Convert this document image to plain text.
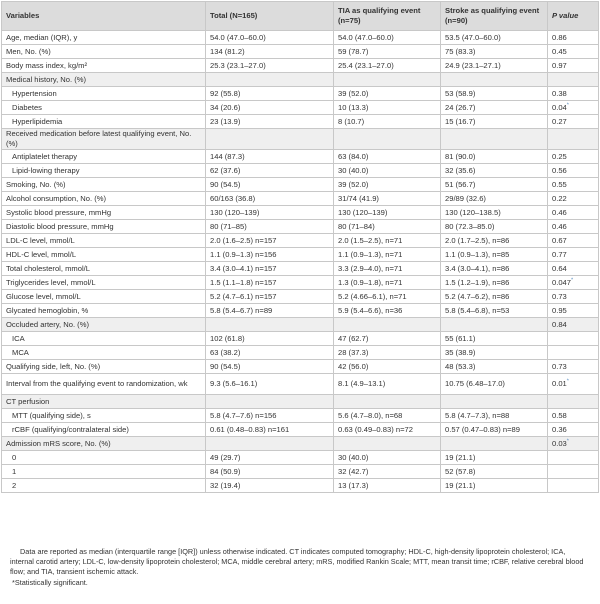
Variables	Total (N=165)	TIA as qualifying event (n=75)	Stroke as qualifying event (n=90)	P value
Age, median (IQR), y	54.0 (47.0–60.0)	54.0 (47.0–60.0)	53.5 (47.0–60.0)	0.86
Men, No. (%)	134 (81.2)	59 (78.7)	75 (83.3)	0.45
Body mass index, kg/m²	25.3 (23.1–27.0)	25.4 (23.1–27.0)	24.9 (23.1–27.1)	0.97
Medical history, No. (%)				
Hypertension	92 (55.8)	39 (52.0)	53 (58.9)	0.38
Diabetes	34 (20.6)	10 (13.3)	24 (26.7)	0.04*
Hyperlipidemia	23 (13.9)	8 (10.7)	15 (16.7)	0.27
Received medication before latest qualifying event, No. (%)				
Antiplatelet therapy	144 (87.3)	63 (84.0)	81 (90.0)	0.25
Lipid-lowing therapy	62 (37.6)	30 (40.0)	32 (35.6)	0.56
Smoking, No. (%)	90 (54.5)	39 (52.0)	51 (56.7)	0.55
Alcohol consumption, No. (%)	60/163 (36.8)	31/74 (41.9)	29/89 (32.6)	0.22
Systolic blood pressure, mmHg	130 (120–139)	130 (120–139)	130 (120–138.5)	0.46
Diastolic blood pressure, mmHg	80 (71–85)	80 (71–84)	80 (72.3–85.0)	0.46
LDL-C level, mmol/L	2.0 (1.6–2.5) n=157	2.0 (1.5–2.5), n=71	2.0 (1.7–2.5), n=86	0.67
HDL-C level, mmol/L	1.1 (0.9–1.3) n=156	1.1 (0.9–1.3), n=71	1.1 (0.9–1.3), n=85	0.77
Total cholesterol, mmol/L	3.4 (3.0–4.1) n=157	3.3 (2.9–4.0), n=71	3.4 (3.0–4.1), n=86	0.64
Triglycerides level, mmol/L	1.5 (1.1–1.8) n=157	1.3 (0.9–1.8), n=71	1.5 (1.2–1.9), n=86	0.047*
Glucose level, mmol/L	5.2 (4.7–6.1) n=157	5.2 (4.66–6.1), n=71	5.2 (4.7–6.2), n=86	0.73
Glycated hemoglobin, %	5.8 (5.4–6.7) n=89	5.9 (5.4–6.6), n=36	5.8 (5.4–6.8), n=53	0.95
Occluded artery, No. (%)				0.84
ICA	102 (61.8)	47 (62.7)	55 (61.1)	
MCA	63 (38.2)	28 (37.3)	35 (38.9)	
Qualifying side, left, No. (%)	90 (54.5)	42 (56.0)	48 (53.3)	0.73
Interval from the qualifying event to randomization, wk	9.3 (5.6–16.1)	8.1 (4.9–13.1)	10.75 (6.48–17.0)	0.01*
CT perfusion				
MTT (qualifying side), s	5.8 (4.7–7.6) n=156	5.6 (4.7–8.0), n=68	5.8 (4.7–7.3), n=88	0.58
rCBF (qualifying/contralateral side)	0.61 (0.48–0.83) n=161	0.63 (0.49–0.83) n=72	0.57 (0.47–0.83) n=89	0.36
Admission mRS score, No. (%)				0.03*
0	49 (29.7)	30 (40.0)	19 (21.1)	
1	84 (50.9)	32 (42.7)	52 (57.8)	
2	32 (19.4)	13 (17.3)	19 (21.1)	

Data are reported as median (interquartile range [IQR]) unless otherwise indicated. CT indicates computed tomography; HDL-C, high-density lipoprotein cholesterol; ICA, internal carotid artery; LDL-C, low-density lipoprotein cholesterol; MCA, middle cerebral artery; mRS, modified Rankin Scale; MTT, mean transit time; rCBF, relative cerebral blood flow; and TIA, transient ischemic attack.

*Statistically significant.
